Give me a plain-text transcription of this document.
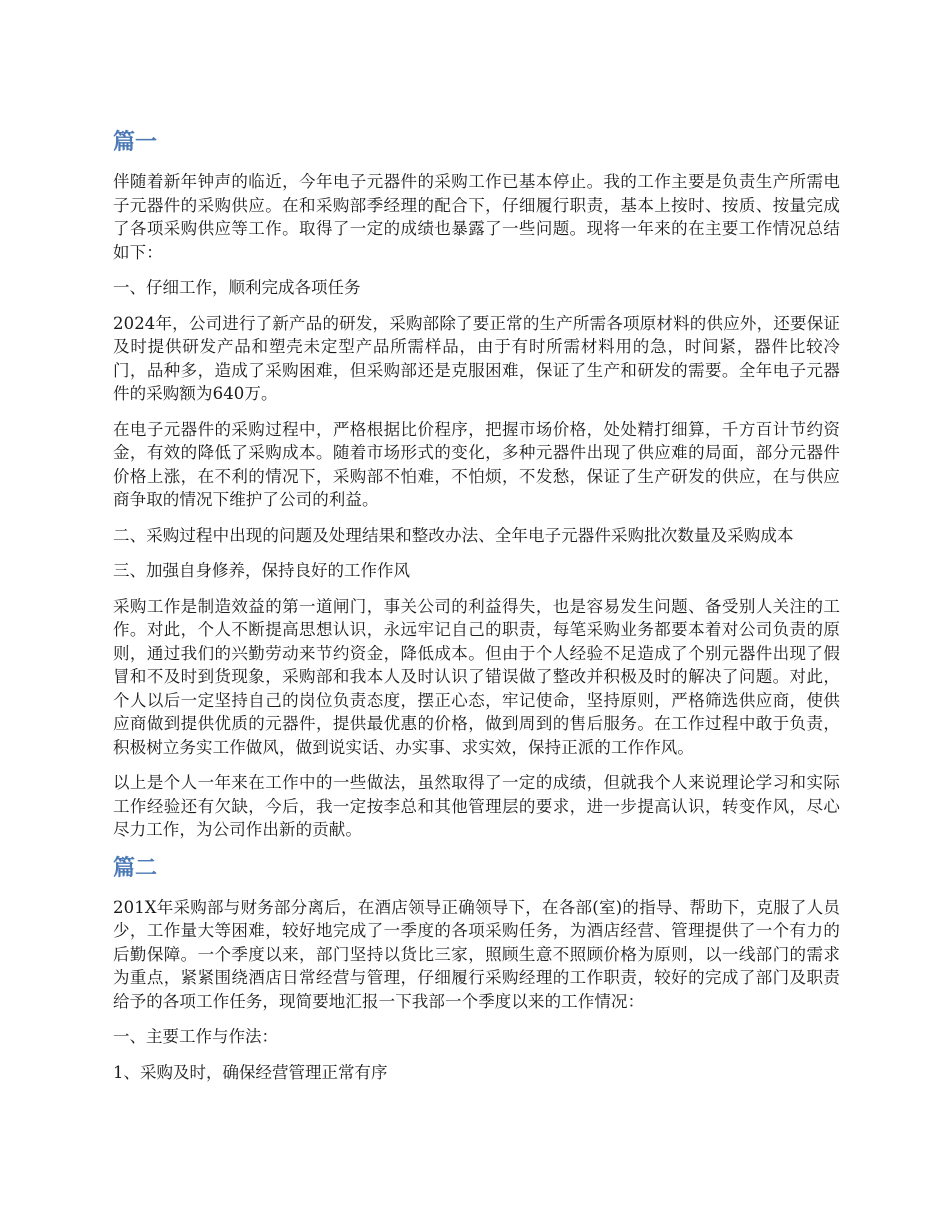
篇一

伴随着新年钟声的临近，今年电子元器件的采购工作已基本停止。我的工作主要是负责生产所需电子元器件的采购供应。在和采购部季经理的配合下，仔细履行职责，基本上按时、按质、按量完成了各项采购供应等工作。取得了一定的成绩也暴露了一些问题。现将一年来的在主要工作情况总结如下：

一、仔细工作，顺利完成各项任务

2024年，公司进行了新产品的研发，采购部除了要正常的生产所需各项原材料的供应外，还要保证及时提供研发产品和塑壳未定型产品所需样品，由于有时所需材料用的急，时间紧，器件比较冷门，品种多，造成了采购困难，但采购部还是克服困难，保证了生产和研发的需要。全年电子元器件的采购额为640万。

在电子元器件的采购过程中，严格根据比价程序，把握市场价格，处处精打细算，千方百计节约资金，有效的降低了采购成本。随着市场形式的变化，多种元器件出现了供应难的局面，部分元器件价格上涨，在不利的情况下，采购部不怕难，不怕烦，不发愁，保证了生产研发的供应，在与供应商争取的情况下维护了公司的利益。

二、采购过程中出现的问题及处理结果和整改办法、全年电子元器件采购批次数量及采购成本

三、加强自身修养，保持良好的工作作风

采购工作是制造效益的第一道闸门，事关公司的利益得失，也是容易发生问题、备受别人关注的工作。对此，个人不断提高思想认识，永远牢记自己的职责，每笔采购业务都要本着对公司负责的原则，通过我们的兴勤劳动来节约资金，降低成本。但由于个人经验不足造成了个别元器件出现了假冒和不及时到货现象，采购部和我本人及时认识了错误做了整改并积极及时的解决了问题。对此，个人以后一定坚持自己的岗位负责态度，摆正心态，牢记使命，坚持原则，严格筛选供应商，使供应商做到提供优质的元器件，提供最优惠的价格，做到周到的售后服务。在工作过程中敢于负责，积极树立务实工作做风，做到说实话、办实事、求实效，保持正派的工作作风。

以上是个人一年来在工作中的一些做法，虽然取得了一定的成绩，但就我个人来说理论学习和实际工作经验还有欠缺，今后，我一定按李总和其他管理层的要求，进一步提高认识，转变作风，尽心尽力工作，为公司作出新的贡献。

篇二

201X年采购部与财务部分离后，在酒店领导正确领导下，在各部(室)的指导、帮助下，克服了人员少，工作量大等困难，较好地完成了一季度的各项采购任务，为酒店经营、管理提供了一个有力的后勤保障。一个季度以来，部门坚持以货比三家，照顾生意不照顾价格为原则，以一线部门的需求为重点，紧紧围绕酒店日常经营与管理，仔细履行采购经理的工作职责，较好的完成了部门及职责给予的各项工作任务，现简要地汇报一下我部一个季度以来的工作情况：

一、主要工作与作法：

1、采购及时，确保经营管理正常有序
